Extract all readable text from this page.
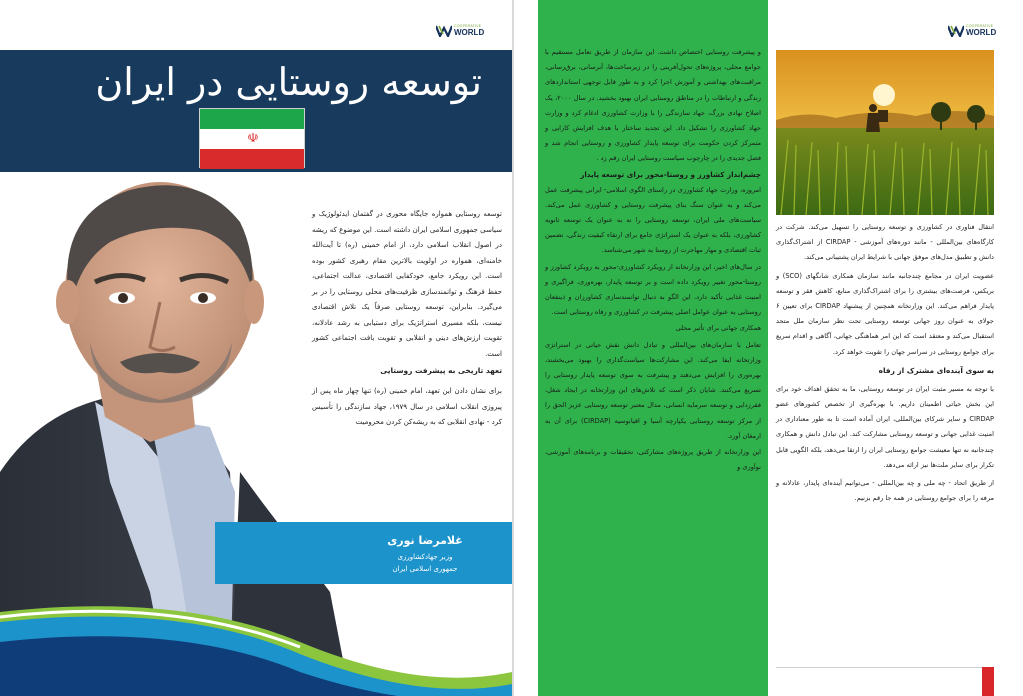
COOPERATIVE
WORLD
توسعه روستایی در ایران
☫

توسعه روستایی همواره جایگاه محوری در گفتمان ایدئولوژیک و سیاسی جمهوری اسلامی ایران داشته است. این موضوع که ریشه در اصول انقلاب اسلامی دارد، از امام خمینی (ره) تا آیت‌الله خامنه‌ای، همواره در اولویت بالاترین مقام رهبری کشور بوده است. این رویکرد جامع، خودکفایی اقتصادی، عدالت اجتماعی، حفظ فرهنگ و توانمندسازی ظرفیت‌های محلی روستایی را در بر می‌گیرد. بنابراین، توسعه روستایی صرفاً یک تلاش اقتصادی نیست، بلکه مسیری استراتژیک برای دستیابی به رشد عادلانه، تقویت ارزش‌های دینی و انقلابی و تقویت بافت اجتماعی کشور است.

تعهد تاریخی به پیشرفت روستایی

برای نشان دادن این تعهد، امام خمینی (ره) تنها چهار ماه پس از پیروزی انقلاب اسلامی در سال ۱۹۷۹، جهاد سازندگی را تأسیس کرد - نهادی انقلابی که به ریشه‌کن کردن محرومیت

غلامرضا نوری
وزیر جهادکشاورزی
جمهوری اسلامی ایران

و پیشرفت روستایی اختصاص داشت. این سازمان از طریق تعامل مستقیم با جوامع محلی، پروژه‌های تحول‌آفرینی را در زیرساخت‌ها، آبرسانی، برق‌رسانی، مراقبت‌های بهداشتی و آموزش اجرا کرد و به طور قابل توجهی استانداردهای زندگی و ارتباطات را در مناطق روستایی ایران بهبود بخشید. در سال ۲۰۰۰، یک اصلاح نهادی بزرگ، جهاد سازندگی را با وزارت کشاورزی ادغام کرد و وزارت جهاد کشاورزی را تشکیل داد. این تجدید ساختار با هدف افزایش کارایی و متمرکز کردن حکومت برای توسعه پایدار کشاورزی و روستایی انجام شد و فصل جدیدی را در چارچوب سیاست روستایی ایران رقم زد .

چشم‌انداز کشاورز و روستا-محور برای توسعه پایدار

امروزه، وزارت جهاد کشاورزی در راستای الگوی اسلامی- ایرانی پیشرفت عمل می‌کند و به عنوان سنگ بنای پیشرفت روستایی و کشاورزی عمل می‌کند. سیاست‌های ملی ایران، توسعه روستایی را نه به عنوان یک توسعه ثانویه کشاورزی، بلکه به عنوان یک استراتژی جامع برای ارتقاء کیفیت زندگی، تضمین ثبات اقتصادی و مهار مهاجرت از روستا به شهر می‌شناسد.

در سال‌های اخیر، این وزارتخانه از رویکرد کشاورزی-محور به رویکرد کشاورز و روستا-محور تغییر رویکرد داده است و بر توسعه پایدار، بهره‌وری، فراگیری و امنیت غذایی تأکید دارد. این الگو به دنبال توانمندسازی کشاورزان و ذینفعان روستایی به عنوان عوامل اصلی پیشرفت در کشاورزی و رفاه روستایی است.

همکاری جهانی برای تأثیر محلی

تعامل با سازمان‌های بین‌المللی و تبادل دانش نقش حیاتی در استراتژی وزارتخانه ایفا می‌کند. این مشارکت‌ها سیاست‌گذاری را بهبود می‌بخشند، بهره‌وری را افزایش می‌دهند و پیشرفت به سوی توسعه پایدار روستایی را تسریع می‌کنند. شایان ذکر است که تلاش‌های این وزارتخانه در ایجاد شغل، فقرزدایی و توسعه سرمایه انسانی، مدال معتبر توسعه روستایی عزیز الحق را از مرکز توسعه روستایی یکپارچه آسیا و اقیانوسیه (CIRDAP) برای آن به ارمغان آورد.

این وزارتخانه از طریق پروژه‌های مشارکتی، تحقیقات و برنامه‌های آموزشی، نوآوری و

COOPERATIVE
WORLD

انتقال فناوری در کشاورزی و توسعه روستایی را تسهیل می‌کند. شرکت در کارگاه‌های بین‌المللی - مانند دوره‌های آموزشی - CIRDAP از اشتراک‌گذاری دانش و تطبیق مدل‌های موفق جهانی با شرایط ایران پشتیبانی می‌کند.

عضویت ایران در مجامع چندجانبه مانند سازمان همکاری شانگهای (SCO) و بریکس، فرصت‌های بیشتری را برای اشتراک‌گذاری منابع، کاهش فقر و توسعه پایدار فراهم می‌کند. این وزارتخانه همچنین از پیشنهاد CIRDAP برای تعیین ۶ جولای به عنوان روز جهانی توسعه روستایی تحت نظر سازمان ملل متحد استقبال می‌کند و معتقد است که این امر هماهنگی جهانی، آگاهی و اقدام سریع برای جوامع روستایی در سراسر جهان را تقویت خواهد کرد.

به سوی آینده‌ای مشترک از رفاه

با توجه به مسیر مثبت ایران در توسعه روستایی، ما به تحقق اهداف خود برای این بخش حیاتی اطمینان داریم. با بهره‌گیری از تخصص کشورهای عضو CIRDAP و سایر شرکای بین‌المللی، ایران آماده است تا به طور معناداری در امنیت غذایی جهانی و توسعه روستایی مشارکت کند. این تبادل دانش و همکاری چندجانبه نه تنها معیشت جوامع روستایی ایران را ارتقا می‌دهد، بلکه الگویی قابل تکرار برای سایر ملت‌ها نیز ارائه می‌دهد.

از طریق اتحاد - چه ملی و چه بین‌المللی - می‌توانیم آینده‌ای پایدار، عادلانه و مرفه را برای جوامع روستایی در همه جا رقم بزنیم.
